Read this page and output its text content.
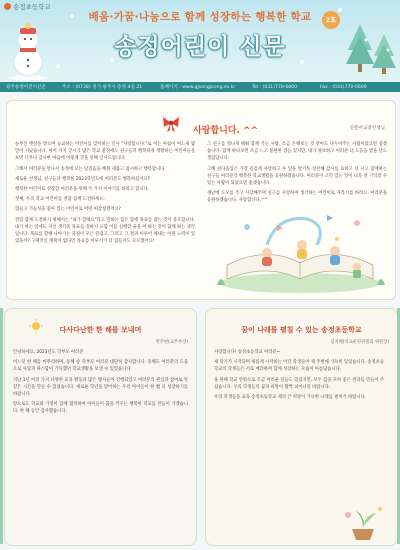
송정초등학교
배움·가꿈·나눔으로 함께 성장하는 행복한 학교	2호
송정어린이 신문
광주송정어린이신문	주소 : (0738) 경기 광주시 송정 4길 21	홈페이지 : www.gjsongjeong.es.kr	Tel : (031)770-6800	Fax : (031)770-6609
사랑합니다. ^^	신문어교장선생님

눈부신 햇살을 받으며 등교하는 어린이를 맞이하는 인사 "사랑합니다."로 어는 아침이 여느새 몇 달이 지났습니다. 어머 가지 궁시가 많은 학교 환경에도 친구들과 행복하게 생활하는 어린이들을 보면 너무나 감사한 마음에 이렇게 글을 통해 인사드립니다.

그해서 여러분을 만나서 송정에 모는 달걸음을 해볼 새롭고 잡시하고 행복합니다.

새로운 선생님, 친구들과 행복한 2023학년도에 여러분도 행복하셨지요?

행복한 어린이로 성장할 여러분을 위해 두 가지 이야기를 하려고 합니다.

첫째, 우리 학교 어린이를 결합 함께 도전하세요.

험들고 가능성을 좋아 있는 어린이로 어떤 써갔청겠어요?

결함 함께 도전하기 위해서는 "내가 할래요"라고 말하는 힘은 함에 목표를 잡는 것이 중요합니다. 내가 하는 일에도 자신 생각을 목표를 정하지 포함 이를 실행할 줄을 이 하는 것이 함께 하는 생각입니다. 목표를 향해 나아가는 과정이 모든 즐겁고, 그러고 그 결과 이루어 해내는 어떤 노력이 있었을까? 구체적인 계획이 없다면 목표를 이루기가 더 힘들지도 모르겠어요!

그 친구를 빛나게 해줘 함께 가는 사람, 조금 손해보는 것 같아도 나누어주는 사람이었으면 좋겠습니다. 함께 하다보면 조금 느고 불편한 점들 있지만, 내가 양보하고 여러분 더 도움을 받을 날도 생겼답니다.

그해 친다움입은 가장 즐겁게 사랑하고 수 있을 받기록 칭찬해 감사를 표하고 더 시고 함께하는 친구들 여러분의 행복한 학교생활을 응원하겠습니다. 여러분이 고민 있는 일이 더욱 잘 기억할 수 있는 사람이 되었으면 좋겠습니다.

새날에 도모를 주고 사랑해주며 친구를 사랑하며 생각하는 어린이로 자라기를 바라요. 여러분을 응원하겠습니다. 사랑합니다.^^

다사다난한 한 해를 보내며
박주현(교무부장)

안녕하세요, 2023년도 학부모 여러분

어느덧 한 해를 마무리하며, 통해 송 학부모 여러분 대단히 감사합니다. 올해도 여러분의 도움으로 사랑과 따스함이 가득했던 학교생활을 보낼 수 있었습니다.

지난 1년 여러 가지 다양한 교육 활동과 많은 행사들이 진행되었고 여러분의 관심과 참여로 뜻깊은 시간을 만들 수 있었습니다. 새로운 학년을 맞이하는 우리 아이들이 한 뼘 더 성장하기를 바랍니다.

앞으로도 학교와 가정이 함께 협력하여 아이들이 꿈을 키우는 행복한 학교를 만들어 가겠습니다. 한 해 동안 감사했습니다.

꿈이 나래를 펼칠 수 있는 송정초등학교
심지혜(학교운영위원회 위원장)

사랑합니다! 송정초등학교 여러분~

새 학기가 시작되며 새롭게 시작하는 어린 학생들이 제 주변에 가득히 있었습니다. 송정초등학교의 학생들은 서로 배려하며 함께 성장하는 모습이 아름답습니다.

올 한해 학교 안팎으로 조금 어려운 일들도 있었지만, 모두 힘을 모아 좋은 결과를 만들어 주셨습니다. 우리 학생들의 꿈과 희망이 활짝 피어나길 바랍니다.

우리 학생들을 교육 송정초등학교 제의 큰 희망이 가득한 나래를 펼치기 바랍니다.
